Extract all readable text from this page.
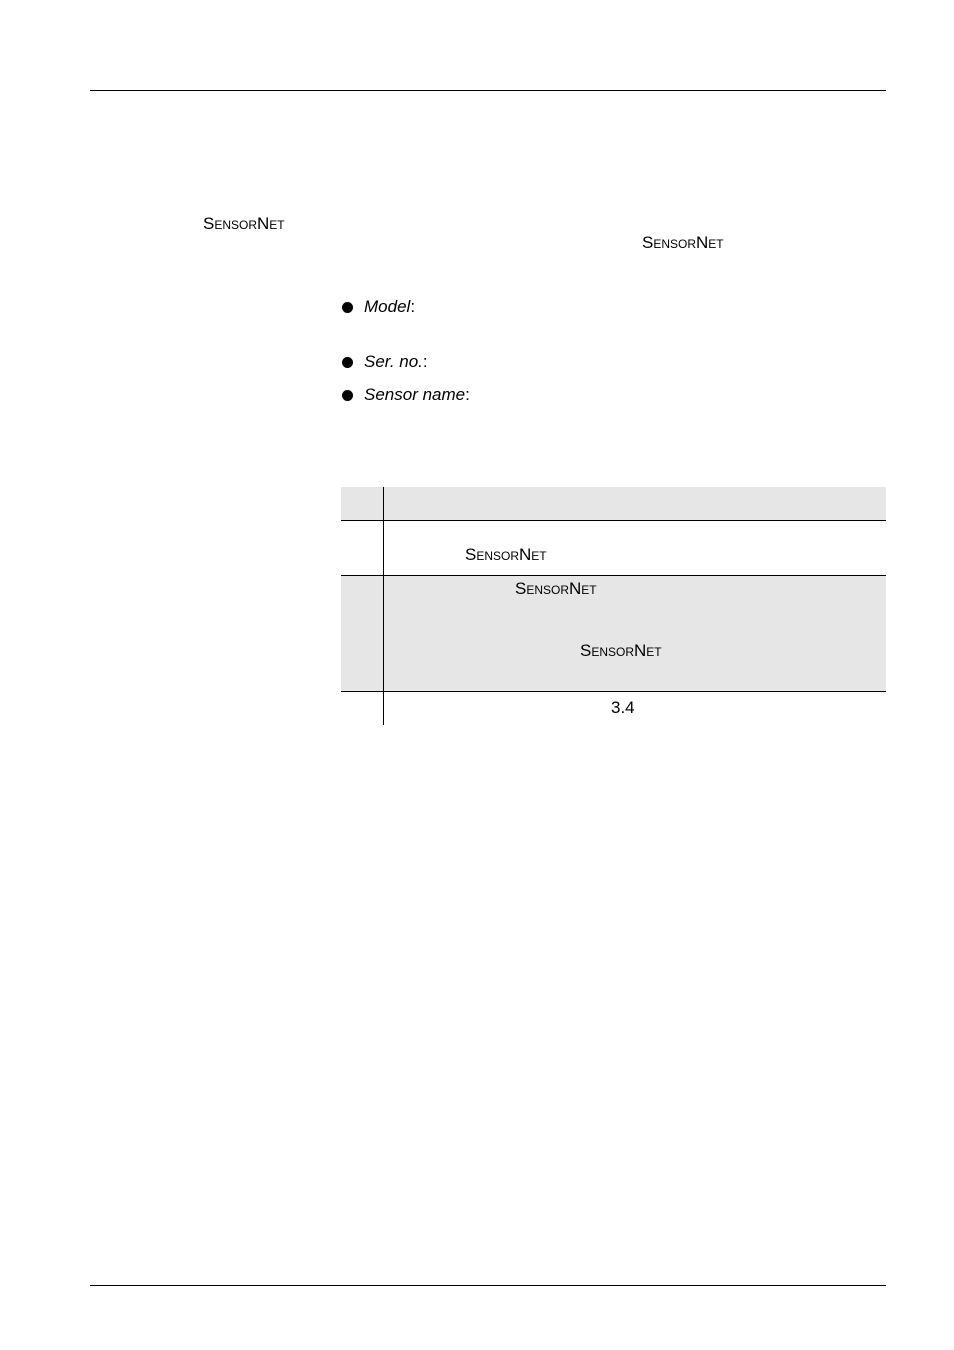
SensorNet
SensorNet
Model :
Ser. no. :
Sensor name :
SensorNet
SensorNet
SensorNet
3.4
